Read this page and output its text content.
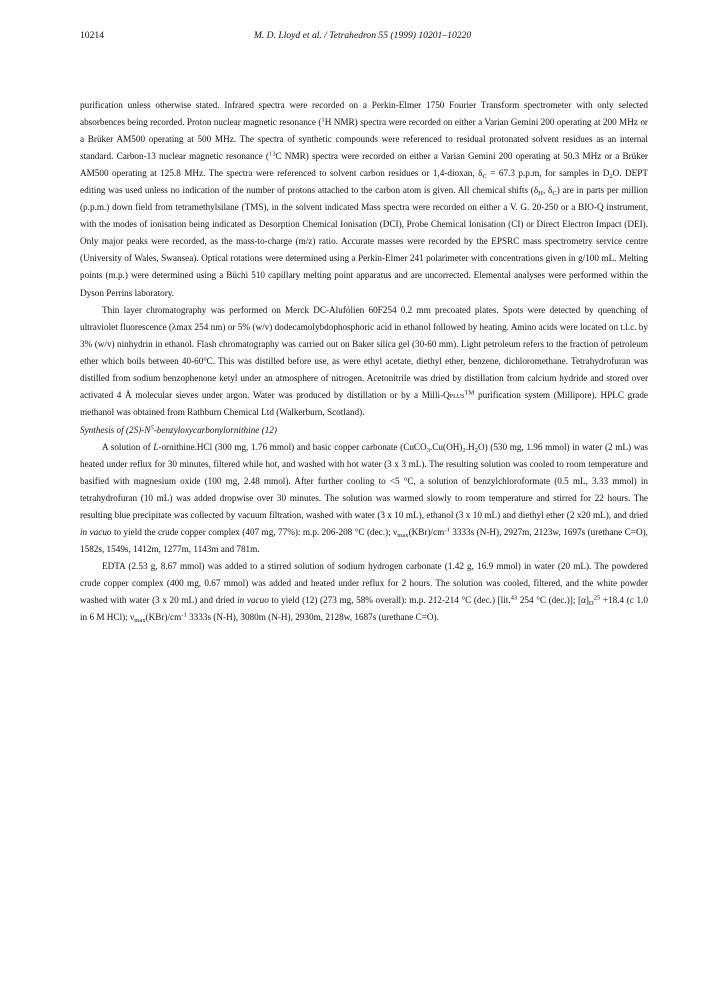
10214	M. D. Lloyd et al. / Tetrahedron 55 (1999) 10201–10220

purification unless otherwise stated. Infrared spectra were recorded on a Perkin-Elmer 1750 Fourier Transform spectrometer with only selected absorbences being recorded. Proton nuclear magnetic resonance ($^1$H NMR) spectra were recorded on either a Varian Gemini 200 operating at 200 MHz or a Brüker AM500 operating at 500 MHz. The spectra of synthetic compounds were referenced to residual protonated solvent residues as an internal standard. Carbon-13 nuclear magnetic resonance ($^{13}$C NMR) spectra were recorded on either a Varian Gemini 200 operating at 50.3 MHz or a Brüker AM500 operating at 125.8 MHz. The spectra were referenced to solvent carbon residues or 1,4-dioxan, $\delta_C = 67.3$ p.p.m, for samples in $D_2O$. DEPT editing was used unless no indication of the number of protons attached to the carbon atom is given. All chemical shifts ($\delta_H$, $\delta_C$) are in parts per million (p.p.m.) down field from tetramethylsilane (TMS), in the solvent indicated Mass spectra were recorded on either a V. G. 20-250 or a BIO-Q instrument, with the modes of ionisation being indicated as Desorption Chemical Ionisation (DCI), Probe Chemical Ionisation (CI) or Direct Electron Impact (DEI). Only major peaks were recorded, as the mass-to-charge (m/z) ratio. Accurate masses were recorded by the EPSRC mass spectrometry service centre (University of Wales, Swansea). Optical rotations were determined using a Perkin-Elmer 241 polarimeter with concentrations given in g/100 mL. Melting points (m.p.) were determined using a Büchi 510 capillary melting point apparatus and are uncorrected. Elemental analyses were performed within the Dyson Perrins laboratory.

Thin layer chromatography was performed on Merck DC-Alufólien 60F254 0.2 mm precoated plates. Spots were detected by quenching of ultraviolet fluorescence (λmax 254 nm) or 5% (w/v) dodecamolybdophosphoric acid in ethanol followed by heating. Amino acids were located on t.l.c. by 3% (w/v) ninhydrin in ethanol. Flash chromatography was carried out on Baker silica gel (30-60 mm). Light petroleum refers to the fraction of petroleum ether which boils between 40-60$^o$C. This was distilled before use, as were ethyl acetate, diethyl ether, benzene, dichloromethane. Tetrahydrofuran was distilled from sodium benzophenone ketyl under an atmosphere of nitrogen. Acetonitrile was dried by distillation from calcium hydride and stored over activated 4 Å molecular sieves under argon. Water was produced by distillation or by a Milli-Qplus™ purification system (Millipore). HPLC grade methanol was obtained from Rathburn Chemical Ltd (Walkerburn, Scotland).

Synthesis of $(2S)-N^5$-benzyloxycarbonylornithine (12)

A solution of L-ornithine.HCl (300 mg, 1.76 mmol) and basic copper carbonate $(CuCO_3.Cu(OH)_2.H_2O)$ (530 mg, 1.96 mmol) in water (2 mL) was heated under reflux for 30 minutes, filtered while hot, and washed with hot water (3 x 3 mL). The resulting solution was cooled to room temperature and basified with magnesium oxide (100 mg, 2.48 mmol). After further cooling to <5 °C, a solution of benzylchloroformate (0.5 mL, 3.33 mmol) in tetrahydrofuran (10 mL) was added dropwise over 30 minutes. The solution was warmed slowly to room temperature and stirred for 22 hours. The resulting blue precipitate was collected by vacuum filtration, washed with water (3 x 10 mL), ethanol (3 x 10 mL) and diethyl ether (2 x20 mL), and dried in vacuo to yield the crude copper complex (407 mg, 77%): m.p. 206-208 °C (dec.); $\nu_{max}(KBr)/cm^{-1}$ 3333s (N-H), 2927m, 2123w, 1697s (urethane C=O), 1582s, 1549s, 1412m, 1277m, 1143m and 781m.

EDTA (2.53 g, 8.67 mmol) was added to a stirred solution of sodium hydrogen carbonate (1.42 g, 16.9 mmol) in water (20 mL). The powdered crude copper complex (400 mg, 0.67 mmol) was added and heated under reflux for 2 hours. The solution was cooled, filtered, and the white powder washed with water (3 x 20 mL) and dried in vacuo to yield (12) (273 mg, 58% overall): m.p. 212-214 °C (dec.) [lit.$^{43}$ 254 °C (dec.)]; $[\alpha]_D^{25} +18.4$ (c 1.0 in 6 M HCl); $\nu_{max}(KBr)/cm^{-1}$ 3333s (N-H), 3080m (N-H), 2930m, 2128w, 1687s (urethane C=O).
